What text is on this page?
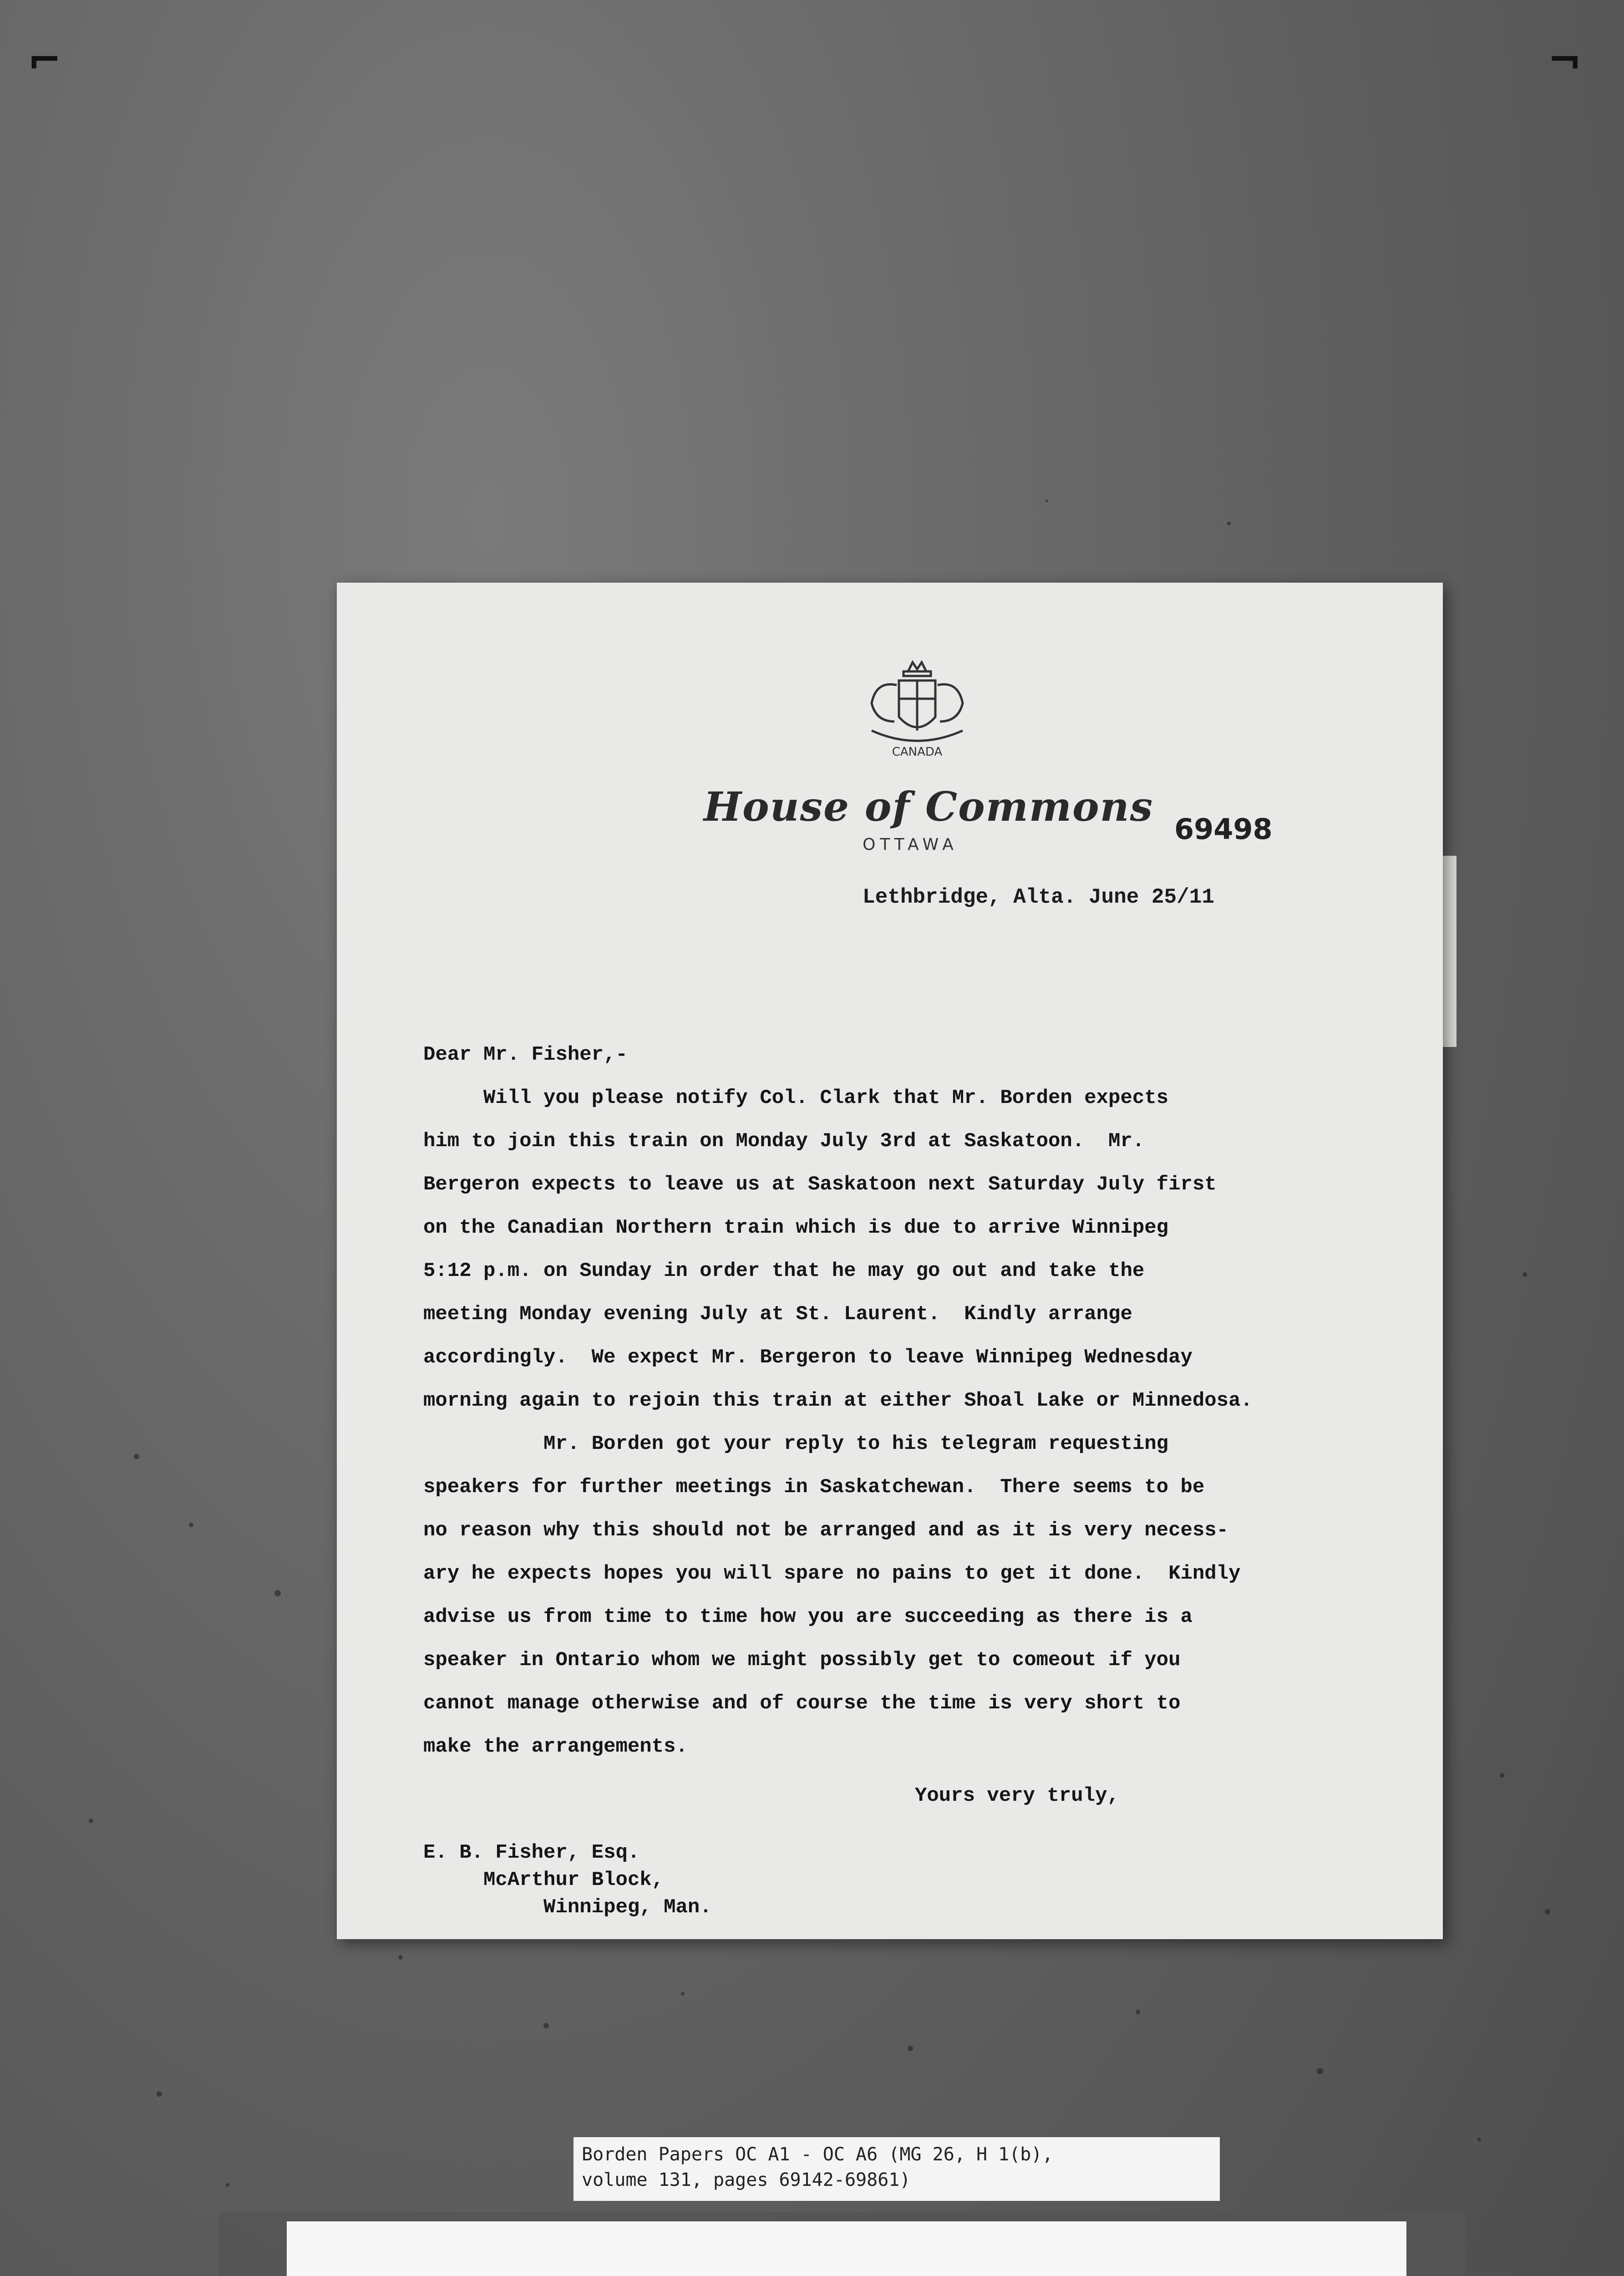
⌐	¬
CANADA
House of Commons
OTTAWA	69498
Lethbridge, Alta. June 25/11

Dear Mr. Fisher,-

Will you please notify Col. Clark that Mr. Borden expects

him to join this train on Monday July 3rd at Saskatoon.  Mr.

Bergeron expects to leave us at Saskatoon next Saturday July first

on the Canadian Northern train which is due to arrive Winnipeg

5:12 p.m. on Sunday in order that he may go out and take the

meeting Monday evening July at St. Laurent.  Kindly arrange

accordingly.  We expect Mr. Bergeron to leave Winnipeg Wednesday

morning again to rejoin this train at either Shoal Lake or Minnedosa.

Mr. Borden got your reply to his telegram requesting

speakers for further meetings in Saskatchewan.  There seems to be

no reason why this should not be arranged and as it is very necess-

ary he expects hopes you will spare no pains to get it done.  Kindly

advise us from time to time how you are succeeding as there is a

speaker in Ontario whom we might possibly get to comeout if you

cannot manage otherwise and of course the time is very short to

make the arrangements.

Yours very truly,
E. B. Fisher, Esq.
McArthur Block,
Winnipeg, Man.
Borden Papers OC A1 - OC A6 (MG 26, H 1(b),
volume 131, pages 69142-69861)
